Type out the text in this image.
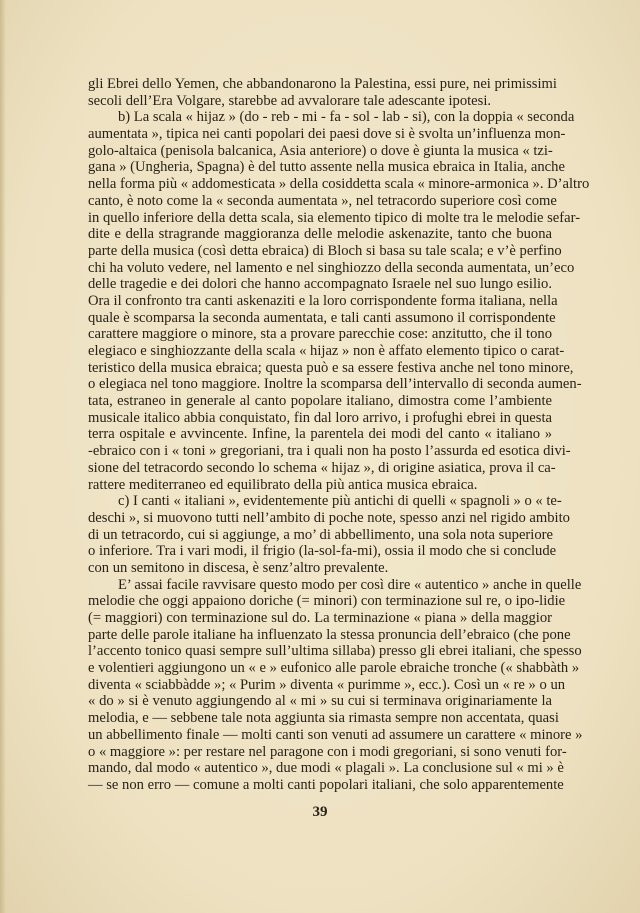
gli Ebrei dello Yemen, che abbandonarono la Palestina, essi pure, nei primissimi
secoli dell’Era Volgare, starebbe ad avvalorare tale adescante ipotesi.
b) La scala « hijaz » (do - reb - mi - fa - sol - lab - si), con la doppia « seconda
aumentata », tipica nei canti popolari dei paesi dove si è svolta un’influenza mon-
golo-altaica (penisola balcanica, Asia anteriore) o dove è giunta la musica « tzi-
gana » (Ungheria, Spagna) è del tutto assente nella musica ebraica in Italia, anche
nella forma più « addomesticata » della cosiddetta scala « minore-armonica ». D’altro
canto, è noto come la « seconda aumentata », nel tetracordo superiore così come
in quello inferiore della detta scala, sia elemento tipico di molte tra le melodie sefar-
dite e della stragrande maggioranza delle melodie askenazite, tanto che buona
parte della musica (così detta ebraica) di Bloch si basa su tale scala; e v’è perfino
chi ha voluto vedere, nel lamento e nel singhiozzo della seconda aumentata, un’eco
delle tragedie e dei dolori che hanno accompagnato Israele nel suo lungo esilio.
Ora il confronto tra canti askenaziti e la loro corrispondente forma italiana, nella
quale è scomparsa la seconda aumentata, e tali canti assumono il corrispondente
carattere maggiore o minore, sta a provare parecchie cose: anzitutto, che il tono
elegiaco e singhiozzante della scala « hijaz » non è affato elemento tipico o carat-
teristico della musica ebraica; questa può e sa essere festiva anche nel tono minore,
o elegiaca nel tono maggiore. Inoltre la scomparsa dell’intervallo di seconda aumen-
tata, estraneo in generale al canto popolare italiano, dimostra come l’ambiente
musicale italico abbia conquistato, fin dal loro arrivo, i profughi ebrei in questa
terra ospitale e avvincente. Infine, la parentela dei modi del canto « italiano »
-ebraico con i « toni » gregoriani, tra i quali non ha posto l’assurda ed esotica divi-
sione del tetracordo secondo lo schema « hijaz », di origine asiatica, prova il ca-
rattere mediterraneo ed equilibrato della più antica musica ebraica.
c) I canti « italiani », evidentemente più antichi di quelli « spagnoli » o « te-
deschi », si muovono tutti nell’ambito di poche note, spesso anzi nel rigido ambito
di un tetracordo, cui si aggiunge, a mo’ di abbellimento, una sola nota superiore
o inferiore. Tra i vari modi, il frigio (la-sol-fa-mi), ossia il modo che si conclude
con un semitono in discesa, è senz’altro prevalente.
E’ assai facile ravvisare questo modo per così dire « autentico » anche in quelle
melodie che oggi appaiono doriche (= minori) con terminazione sul re, o ipo-lidie
(= maggiori) con terminazione sul do. La terminazione « piana » della maggior
parte delle parole italiane ha influenzato la stessa pronuncia dell’ebraico (che pone
l’accento tonico quasi sempre sull’ultima sillaba) presso gli ebrei italiani, che spesso
e volentieri aggiungono un « e » eufonico alle parole ebraiche tronche (« shabbàth »
diventa « sciabbàdde »; « Purim » diventa « purimme », ecc.). Così un « re » o un
« do » si è venuto aggiungendo al « mi » su cui si terminava originariamente la
melodia, e — sebbene tale nota aggiunta sia rimasta sempre non accentata, quasi
un abbellimento finale — molti canti son venuti ad assumere un carattere « minore »
o « maggiore »: per restare nel paragone con i modi gregoriani, si sono venuti for-
mando, dal modo « autentico », due modi « plagali ». La conclusione sul « mi » è
— se non erro — comune a molti canti popolari italiani, che solo apparentemente
39
